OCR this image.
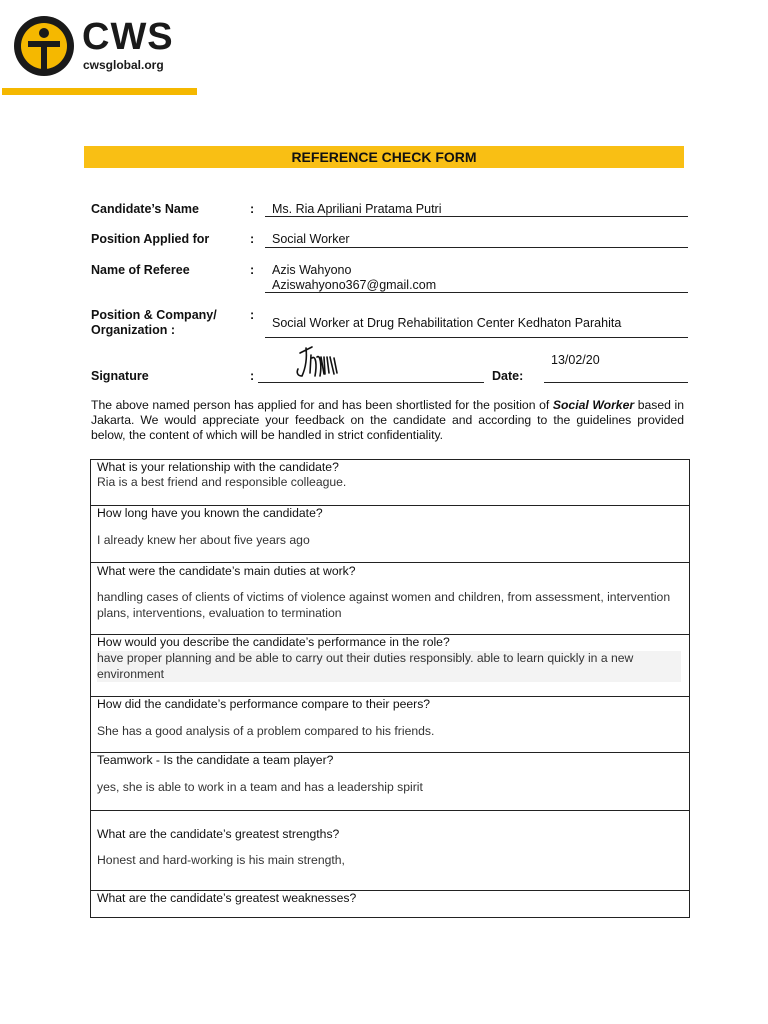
CWS
cwsglobal.org
REFERENCE CHECK FORM
Candidate’s Name	: Ms. Ria Apriliani Pratama Putri
Position Applied for	: Social Worker
Name of Referee	: Azis Wahyono
Aziswahyono367@gmail.com
Position & Company/
Organization :
:
Social Worker at Drug Rehabilitation Center Kedhaton Parahita
Signature	:	Date:
13/02/20
The above named person has applied for and has been shortlisted for the position of Social Worker based in Jakarta. We would appreciate your feedback on the candidate and according to the guidelines provided below, the content of which will be handled in strict confidentiality.
What is your relationship with the candidate?
Ria is a best friend and responsible colleague.
How long have you known the candidate?
I already knew her about five years ago
What were the candidate’s main duties at work?
handling cases of clients of victims of violence against women and children, from assessment, intervention plans, interventions, evaluation to termination
How would you describe the candidate’s performance in the role?
have proper planning and be able to carry out their duties responsibly. able to learn quickly in a new environment
How did the candidate’s performance compare to their peers?
She has a good analysis of a problem compared to his friends.
Teamwork - Is the candidate a team player?
yes, she is able to work in a team and has a leadership spirit
What are the candidate’s greatest strengths?
Honest and hard-working is his main strength,
What are the candidate’s greatest weaknesses?
